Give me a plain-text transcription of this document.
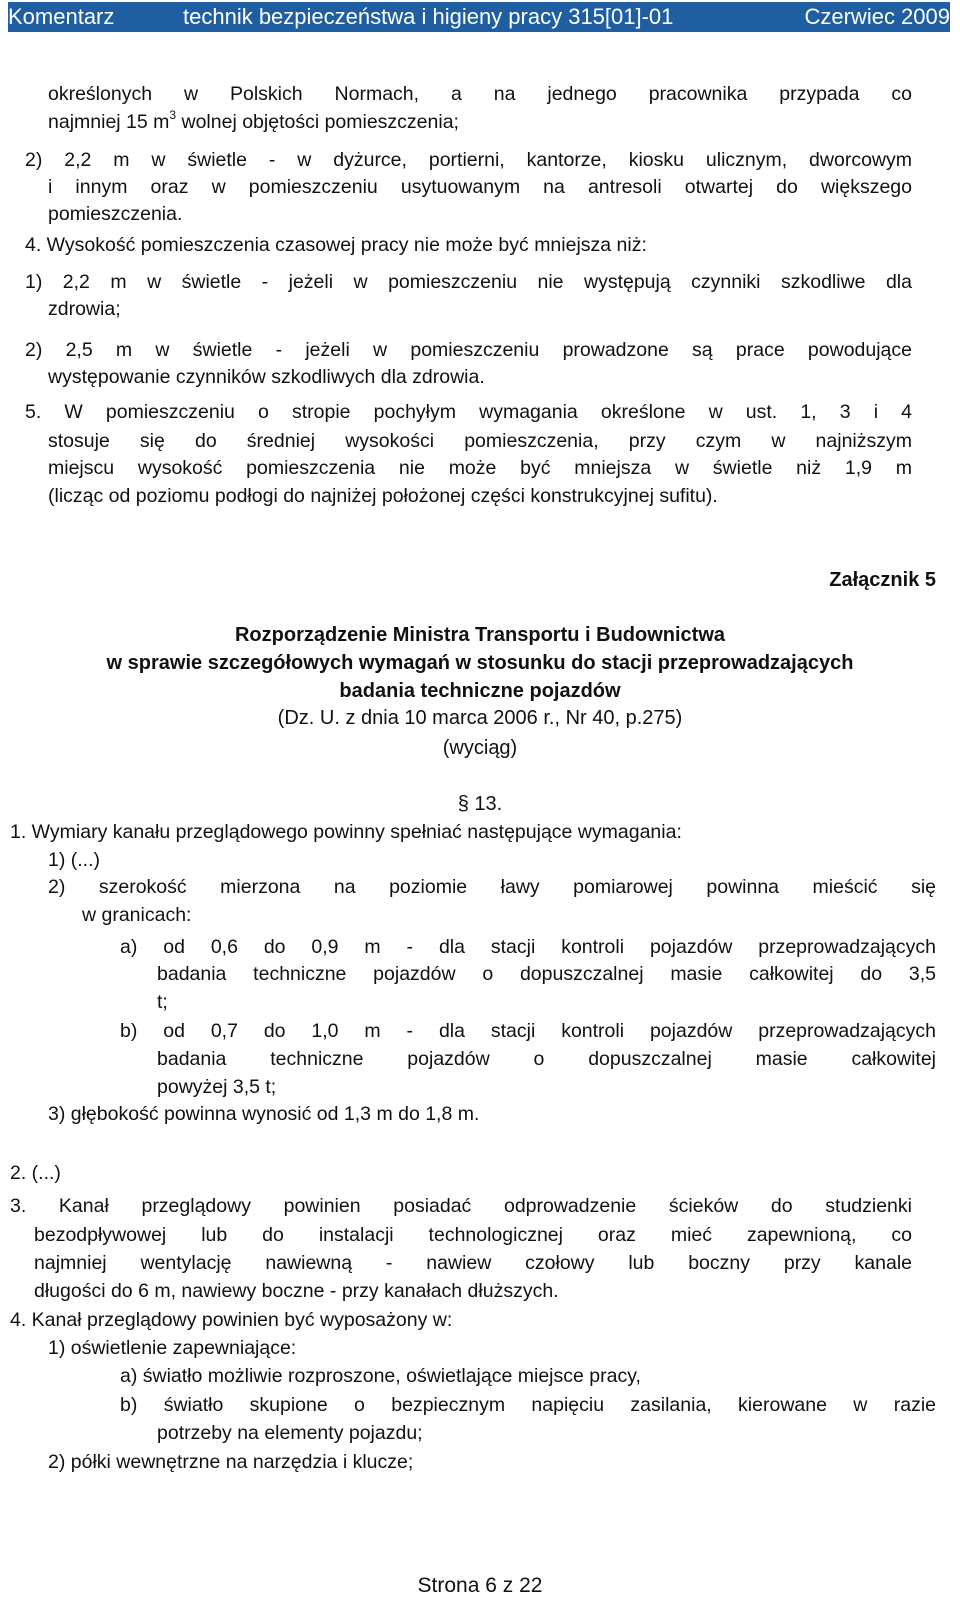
Komentarz	technik bezpieczeństwa i higieny pracy 315[01]-01	Czerwiec 2009
określonych w Polskich Normach, a na jednego pracownika przypada co
najmniej 15 $m^3$ wolnej objętości pomieszczenia;
2) 2,2 m w świetle - w dyżurce, portierni, kantorze, kiosku ulicznym, dworcowym
i innym oraz w pomieszczeniu usytuowanym na antresoli otwartej do większego
pomieszczenia.
4. Wysokość pomieszczenia czasowej pracy nie może być mniejsza niż:
1) 2,2 m w świetle - jeżeli w pomieszczeniu nie występują czynniki szkodliwe dla
zdrowia;
2) 2,5 m w świetle - jeżeli w pomieszczeniu prowadzone są prace powodujące
występowanie czynników szkodliwych dla zdrowia.
5. W pomieszczeniu o stropie pochyłym wymagania określone w ust. 1, 3 i 4
stosuje się do średniej wysokości pomieszczenia, przy czym w najniższym
miejscu wysokość pomieszczenia nie może być mniejsza w świetle niż 1,9 m
(licząc od poziomu podłogi do najniżej położonej części konstrukcyjnej sufitu).
Załącznik 5
Rozporządzenie Ministra Transportu i Budownictwa
w sprawie szczegółowych wymagań w stosunku do stacji przeprowadzających
badania techniczne pojazdów
(Dz. U. z dnia 10 marca 2006 r., Nr 40, p.275)
(wyciąg)
§ 13.
1. Wymiary kanału przeglądowego powinny spełniać następujące wymagania:
1) (...)
2) szerokość mierzona na poziomie ławy pomiarowej powinna mieścić się
w granicach:
a) od 0,6 do 0,9 m - dla stacji kontroli pojazdów przeprowadzających
badania techniczne pojazdów o dopuszczalnej masie całkowitej do 3,5
t;
b) od 0,7 do 1,0 m - dla stacji kontroli pojazdów przeprowadzających
badania techniczne pojazdów o dopuszczalnej masie całkowitej
powyżej 3,5 t;
3) głębokość powinna wynosić od 1,3 m do 1,8 m.
2. (...)
3. Kanał przeglądowy powinien posiadać odprowadzenie ścieków do studzienki
bezodpływowej lub do instalacji technologicznej oraz mieć zapewnioną, co
najmniej wentylację nawiewną - nawiew czołowy lub boczny przy kanale
długości do 6 m, nawiewy boczne - przy kanałach dłuższych.
4. Kanał przeglądowy powinien być wyposażony w:
1) oświetlenie zapewniające:
a) światło możliwie rozproszone, oświetlające miejsce pracy,
b) światło skupione o bezpiecznym napięciu zasilania, kierowane w razie
potrzeby na elementy pojazdu;
2) półki wewnętrzne na narzędzia i klucze;
Strona 6 z 22
